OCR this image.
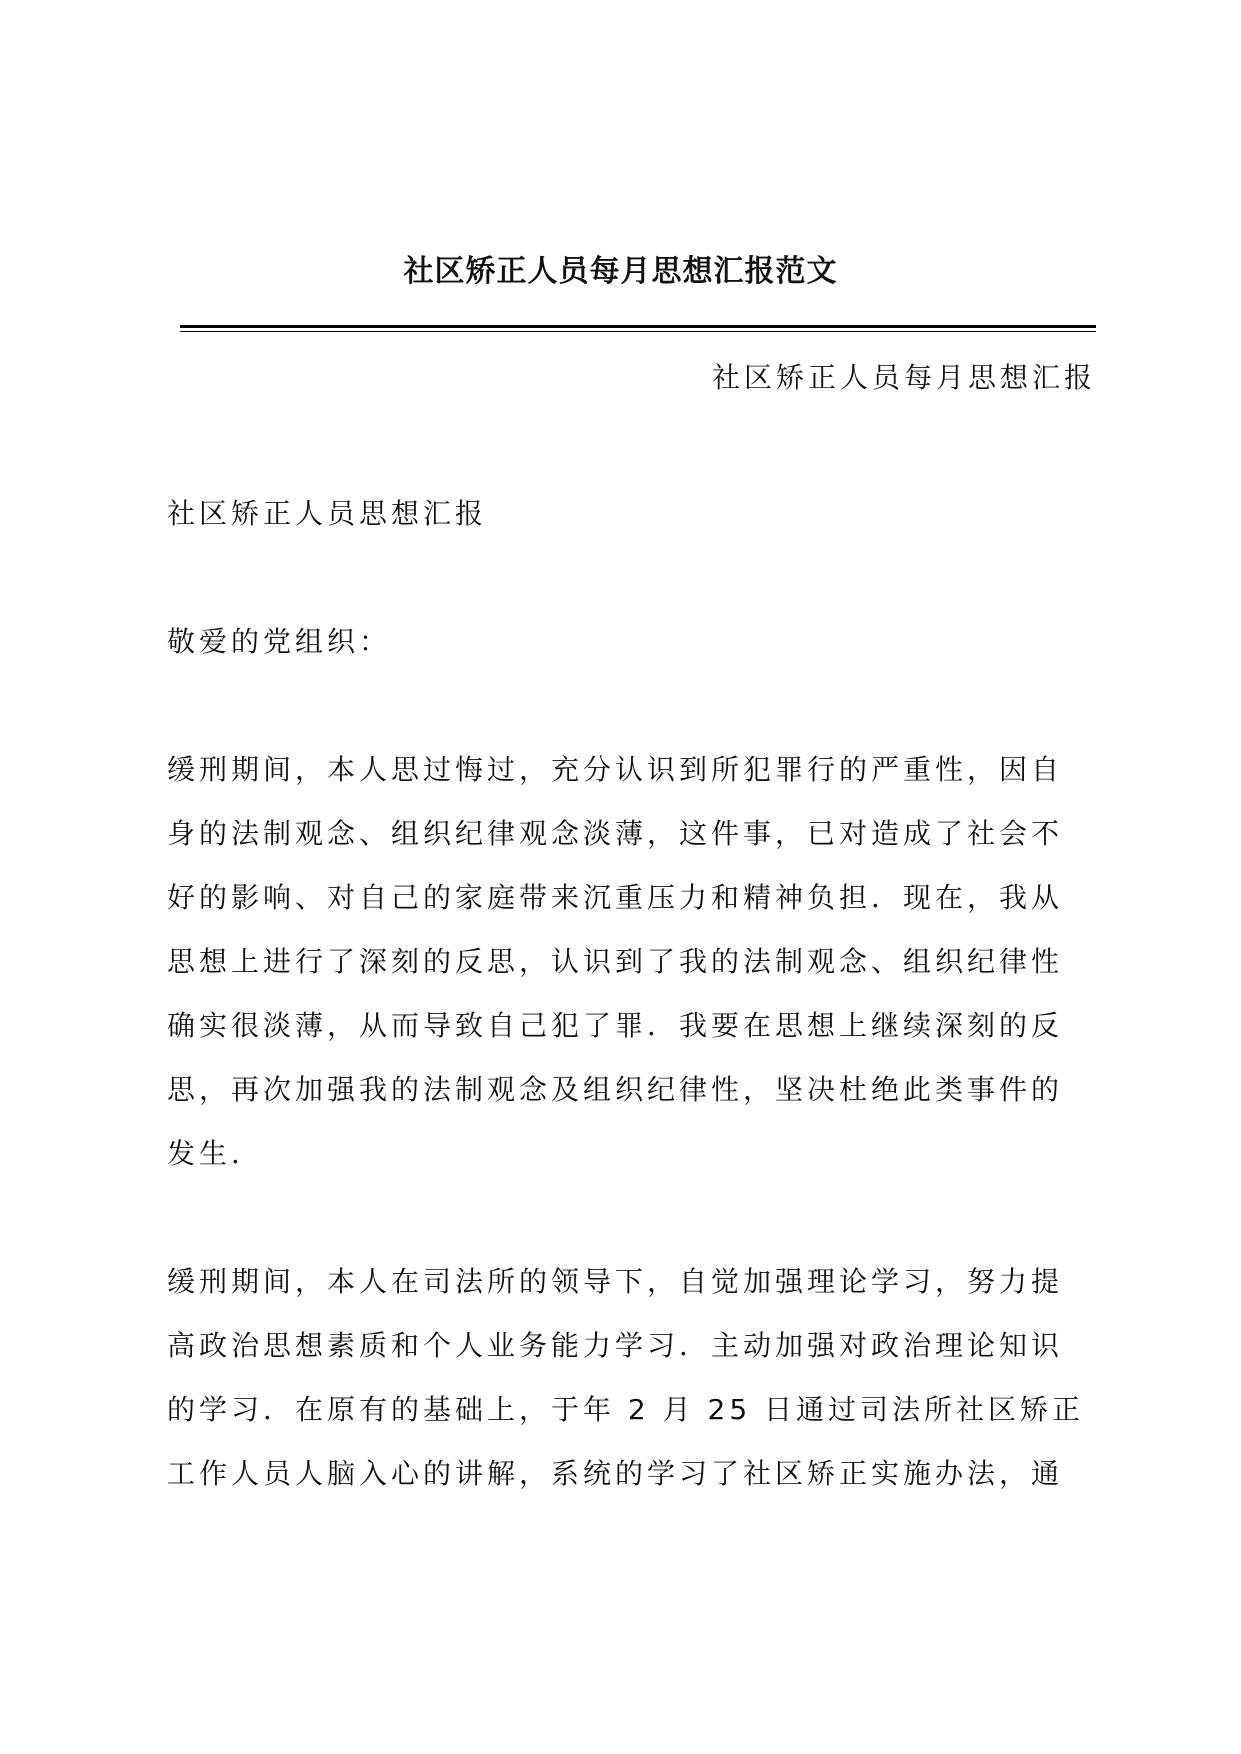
社区矫正人员每月思想汇报范文
社区矫正人员每月思想汇报
社区矫正人员思想汇报
敬爱的党组织：
缓刑期间，本人思过悔过，充分认识到所犯罪行的严重性，因自
身的法制观念、组织纪律观念淡薄，这件事，已对造成了社会不
好的影响、对自己的家庭带来沉重压力和精神负担．现在，我从
思想上进行了深刻的反思，认识到了我的法制观念、组织纪律性
确实很淡薄，从而导致自己犯了罪．我要在思想上继续深刻的反
思，再次加强我的法制观念及组织纪律性，坚决杜绝此类事件的
发生．
缓刑期间，本人在司法所的领导下，自觉加强理论学习，努力提
高政治思想素质和个人业务能力学习．主动加强对政治理论知识
的学习．在原有的基础上，于年 2 月 25 日通过司法所社区矫正
工作人员人脑入心的讲解，系统的学习了社区矫正实施办法，通
